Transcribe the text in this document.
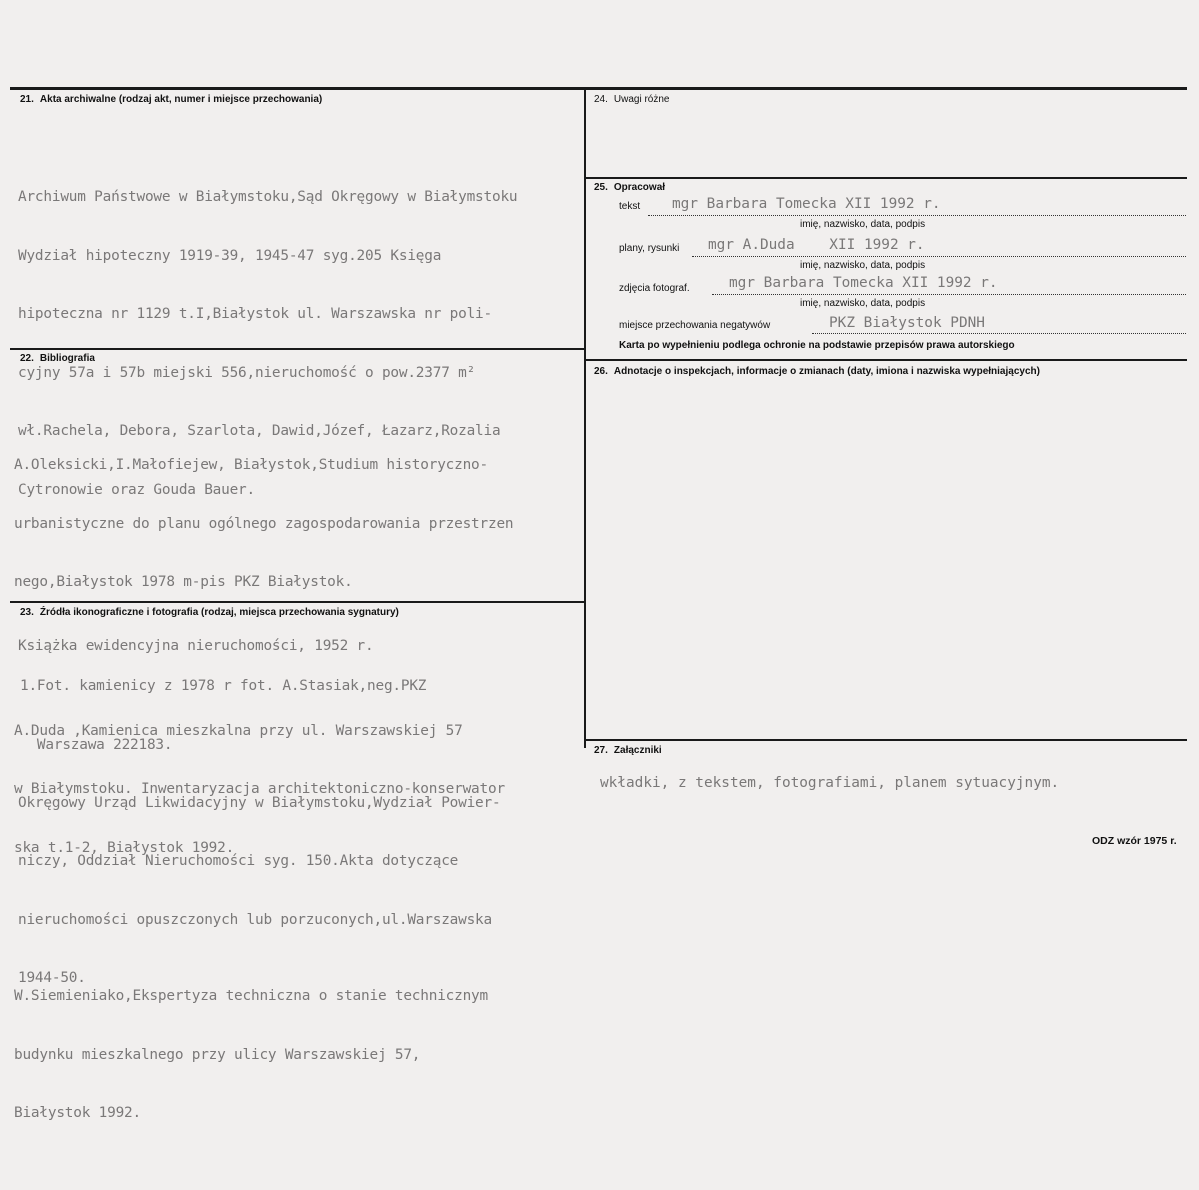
21. Akta archiwalne (rodzaj akt, numer i miejsce przechowania)

Archiwum Państwowe w Białymstoku,Sąd Okręgowy w Białymstoku

Wydział hipoteczny 1919-39, 1945-47 syg.205 Księga

hipoteczna nr 1129 t.I,Białystok ul. Warszawska nr poli-

cyjny 57a i 57b miejski 556,nieruchomość o pow.2377 m²

wł.Rachela, Debora, Szarlota, Dawid,Józef, Łazarz,Rozalia

Cytronowie oraz Gouda Bauer.

Książka ewidencyjna nieruchomości, 1952 r.

Okręgowy Urząd Likwidacyjny w Białymstoku,Wydział Powier-

niczy, Oddział Nieruchomości syg. 150.Akta dotyczące

nieruchomości opuszczonych lub porzuconych,ul.Warszawska

1944-50.

22. Bibliografia

A.Oleksicki,I.Małofiejew, Białystok,Studium historyczno-

urbanistyczne do planu ogólnego zagospodarowania przestrzen

nego,Białystok 1978 m-pis PKZ Białystok.

A.Duda ,Kamienica mieszkalna przy ul. Warszawskiej 57

w Białymstoku. Inwentaryzacja architektoniczno-konserwator

ska t.1-2, Białystok 1992.

W.Siemieniako,Ekspertyza techniczna o stanie technicznym

budynku mieszkalnego przy ulicy Warszawskiej 57,

Białystok 1992.

23. Źródła ikonograficzne i fotografia (rodzaj, miejsca przechowania sygnatury)

1.Fot. kamienicy z 1978 r fot. A.Stasiak,neg.PKZ

Warszawa 222183.

24. Uwagi różne
25. Opracował
tekst mgr Barbara Tomecka XII 1992 r.
imię, nazwisko, data, podpis
plany, rysunki mgr A.Duda    XII 1992 r.
imię, nazwisko, data, podpis
zdjęcia fotograf.	mgr Barbara Tomecka XII 1992 r.
imię, nazwisko, data, podpis
miejsce przechowania negatywów	PKZ Białystok PDNH
Karta po wypełnieniu podlega ochronie na podstawie przepisów prawa autorskiego
26. Adnotacje o inspekcjach, informacje o zmianach (daty, imiona i nazwiska wypełniających)
27. Załączniki
wkładki, z tekstem, fotografiami, planem sytuacyjnym.
ODZ wzór 1975 r.
